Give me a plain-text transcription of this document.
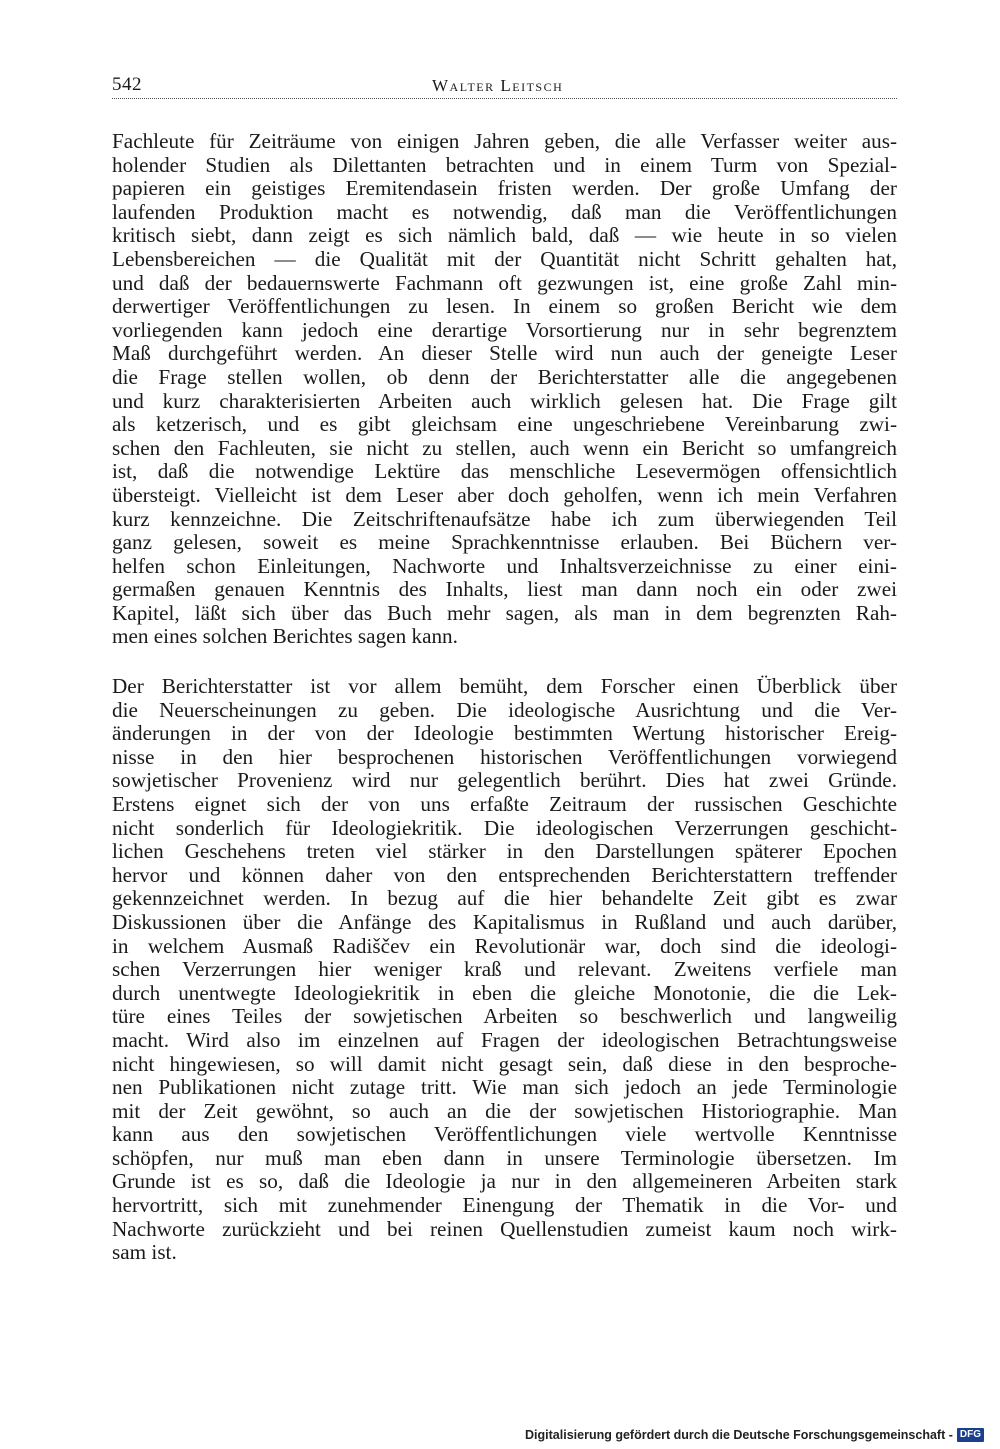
542	Walter Leitsch
Fachleute für Zeiträume von einigen Jahren geben, die alle Verfasser weiter aus-
holender Studien als Dilettanten betrachten und in einem Turm von Spezial-
papieren ein geistiges Eremitendasein fristen werden. Der große Umfang der
laufenden Produktion macht es notwendig, daß man die Veröffentlichungen
kritisch siebt, dann zeigt es sich nämlich bald, daß — wie heute in so vielen
Lebensbereichen — die Qualität mit der Quantität nicht Schritt gehalten hat,
und daß der bedauernswerte Fachmann oft gezwungen ist, eine große Zahl min-
derwertiger Veröffentlichungen zu lesen. In einem so großen Bericht wie dem
vorliegenden kann jedoch eine derartige Vorsortierung nur in sehr begrenztem
Maß durchgeführt werden. An dieser Stelle wird nun auch der geneigte Leser
die Frage stellen wollen, ob denn der Berichterstatter alle die angegebenen
und kurz charakterisierten Arbeiten auch wirklich gelesen hat. Die Frage gilt
als ketzerisch, und es gibt gleichsam eine ungeschriebene Vereinbarung zwi-
schen den Fachleuten, sie nicht zu stellen, auch wenn ein Bericht so umfangreich
ist, daß die notwendige Lektüre das menschliche Lesevermögen offensichtlich
übersteigt. Vielleicht ist dem Leser aber doch geholfen, wenn ich mein Verfahren
kurz kennzeichne. Die Zeitschriftenaufsätze habe ich zum überwiegenden Teil
ganz gelesen, soweit es meine Sprachkenntnisse erlauben. Bei Büchern ver-
helfen schon Einleitungen, Nachworte und Inhaltsverzeichnisse zu einer eini-
germaßen genauen Kenntnis des Inhalts, liest man dann noch ein oder zwei
Kapitel, läßt sich über das Buch mehr sagen, als man in dem begrenzten Rah-
men eines solchen Berichtes sagen kann.
Der Berichterstatter ist vor allem bemüht, dem Forscher einen Überblick über
die Neuerscheinungen zu geben. Die ideologische Ausrichtung und die Ver-
änderungen in der von der Ideologie bestimmten Wertung historischer Ereig-
nisse in den hier besprochenen historischen Veröffentlichungen vorwiegend
sowjetischer Provenienz wird nur gelegentlich berührt. Dies hat zwei Gründe.
Erstens eignet sich der von uns erfaßte Zeitraum der russischen Geschichte
nicht sonderlich für Ideologiekritik. Die ideologischen Verzerrungen geschicht-
lichen Geschehens treten viel stärker in den Darstellungen späterer Epochen
hervor und können daher von den entsprechenden Berichterstattern treffender
gekennzeichnet werden. In bezug auf die hier behandelte Zeit gibt es zwar
Diskussionen über die Anfänge des Kapitalismus in Rußland und auch darüber,
in welchem Ausmaß Radiščev ein Revolutionär war, doch sind die ideologi-
schen Verzerrungen hier weniger kraß und relevant. Zweitens verfiele man
durch unentwegte Ideologiekritik in eben die gleiche Monotonie, die die Lek-
türe eines Teiles der sowjetischen Arbeiten so beschwerlich und langweilig
macht. Wird also im einzelnen auf Fragen der ideologischen Betrachtungsweise
nicht hingewiesen, so will damit nicht gesagt sein, daß diese in den besproche-
nen Publikationen nicht zutage tritt. Wie man sich jedoch an jede Terminologie
mit der Zeit gewöhnt, so auch an die der sowjetischen Historiographie. Man
kann aus den sowjetischen Veröffentlichungen viele wertvolle Kenntnisse
schöpfen, nur muß man eben dann in unsere Terminologie übersetzen. Im
Grunde ist es so, daß die Ideologie ja nur in den allgemeineren Arbeiten stark
hervortritt, sich mit zunehmender Einengung der Thematik in die Vor- und
Nachworte zurückzieht und bei reinen Quellenstudien zumeist kaum noch wirk-
sam ist.
Digitalisierung gefördert durch die Deutsche Forschungsgemeinschaft - DFG
